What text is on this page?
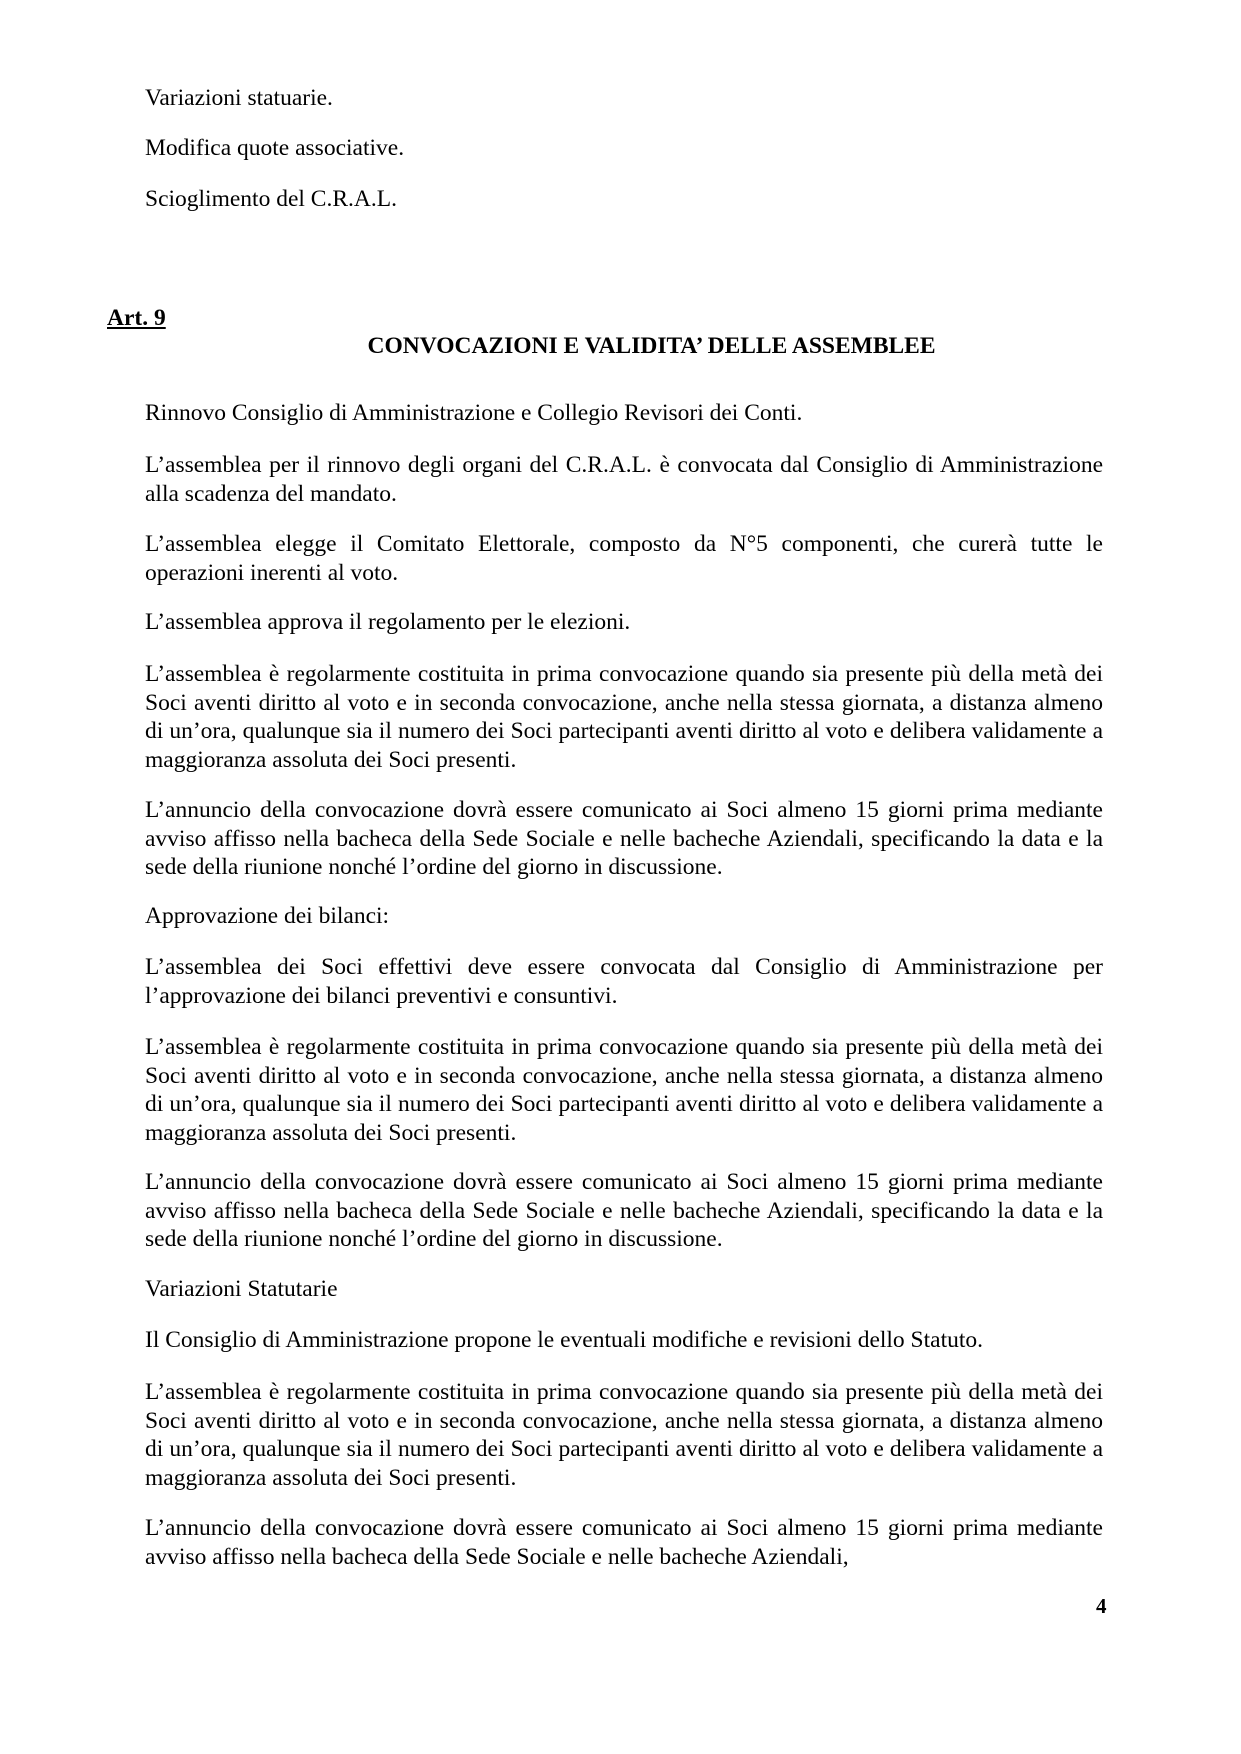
Variazioni statuarie.
Modifica quote associative.
Scioglimento del C.R.A.L.
Art. 9
CONVOCAZIONI E VALIDITA’ DELLE ASSEMBLEE
Rinnovo Consiglio di Amministrazione e Collegio Revisori dei Conti.
L’assemblea per il rinnovo degli organi del C.R.A.L. è convocata dal Consiglio di Amministrazione alla scadenza del mandato.
L’assemblea elegge il Comitato Elettorale, composto da N°5 componenti, che curerà tutte le operazioni inerenti al voto.
L’assemblea approva il regolamento per le elezioni.
L’assemblea è regolarmente costituita in prima convocazione quando sia presente più della metà dei Soci aventi diritto al voto e in seconda convocazione, anche nella stessa giornata, a distanza almeno di un’ora, qualunque sia il numero dei Soci partecipanti aventi diritto al voto e delibera validamente a maggioranza assoluta dei Soci presenti.
L’annuncio della convocazione dovrà essere comunicato ai Soci almeno 15 giorni prima mediante avviso affisso nella bacheca della Sede Sociale e nelle bacheche Aziendali, specificando la data e la sede della riunione nonché l’ordine del giorno in discussione.
Approvazione dei bilanci:
L’assemblea dei Soci effettivi deve essere convocata dal Consiglio di Amministrazione per l’approvazione dei bilanci preventivi e consuntivi.
L’assemblea è regolarmente costituita in prima convocazione quando sia presente più della metà dei Soci aventi diritto al voto e in seconda convocazione, anche nella stessa giornata, a distanza almeno di un’ora, qualunque sia il numero dei Soci partecipanti aventi diritto al voto e delibera validamente a maggioranza assoluta dei Soci presenti.
L’annuncio della convocazione dovrà essere comunicato ai Soci almeno 15 giorni prima mediante avviso affisso nella bacheca della Sede Sociale e nelle bacheche Aziendali, specificando la data e la sede della riunione nonché l’ordine del giorno in discussione.
Variazioni Statutarie
Il Consiglio di Amministrazione propone le eventuali modifiche e revisioni dello Statuto.
L’assemblea è regolarmente costituita in prima convocazione quando sia presente più della metà dei Soci aventi diritto al voto e in seconda convocazione, anche nella stessa giornata, a distanza almeno di un’ora, qualunque sia il numero dei Soci partecipanti aventi diritto al voto e delibera validamente a maggioranza assoluta dei Soci presenti.
L’annuncio della convocazione dovrà essere comunicato ai Soci almeno 15 giorni prima mediante avviso affisso nella bacheca della Sede Sociale e nelle bacheche Aziendali,
4
